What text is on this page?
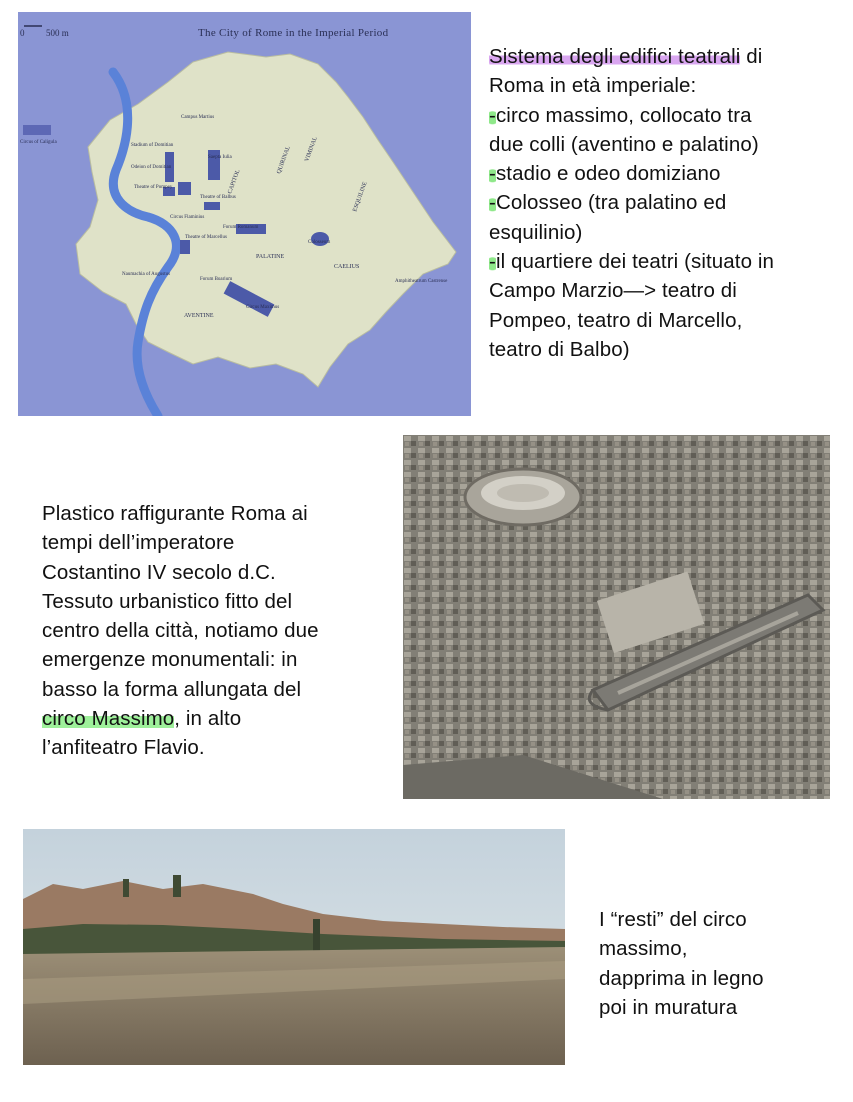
0 500 m	The City of Rome in the Imperial Period
Circus of Caligula
Campus Martius
Stadium of Domitian
Odeion of Domitian
Theatre of Pompey
Saepta Iulia
Theatre of Balbus
Circus Flaminius
Theatre of Marcellus
CAPITOL
QUIRINAL VIMINAL
ESQUILINE
Forum Romanum
Colosseum
PALATINE
CAELIUS
Naumachia of Augustus
Forum Boarium
Circus Maximus
AVENTINE
Amphitheatrum Castrense
Sistema degli edifici teatrali di
Roma in età imperiale:
-circo massimo, collocato tra
due colli (aventino e palatino)
-stadio e odeo domiziano
-Colosseo (tra palatino ed
esquilinio)
-il quartiere dei teatri (situato in
Campo Marzio—> teatro di
Pompeo, teatro di Marcello,
teatro di Balbo)
Plastico raffigurante Roma ai
tempi dell’imperatore
Costantino IV secolo d.C.
Tessuto urbanistico fitto del
centro della città, notiamo due
emergenze monumentali: in
basso la forma allungata del
circo Massimo, in alto
l’anfiteatro Flavio.
I “resti” del circo
massimo,
dapprima in legno
poi in muratura
